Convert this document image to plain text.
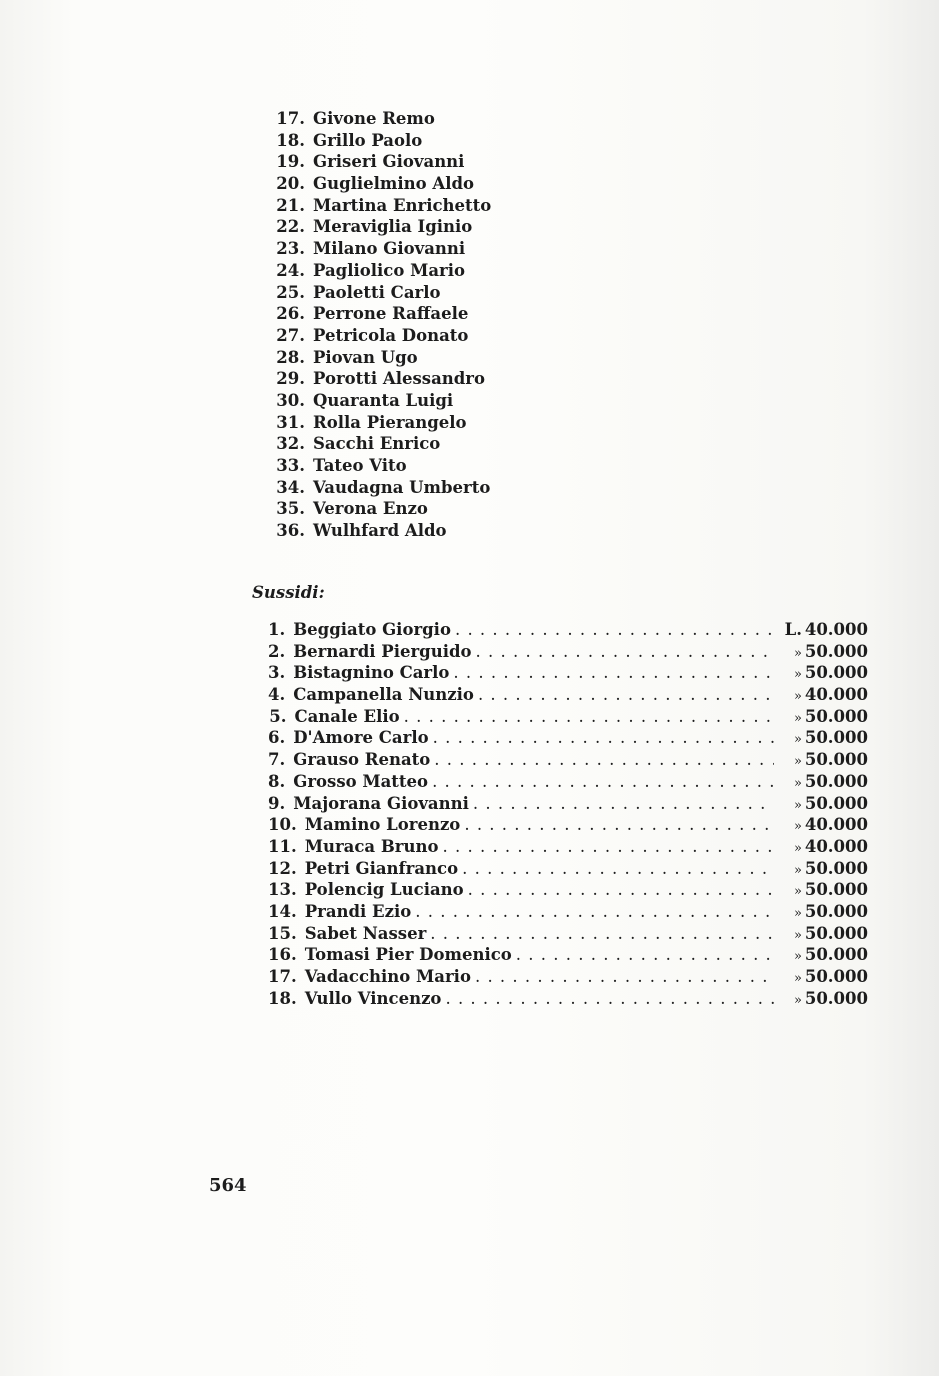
17. Givone Remo
18. Grillo Paolo
19. Griseri Giovanni
20. Guglielmino Aldo
21. Martina Enrichetto
22. Meraviglia Iginio
23. Milano Giovanni
24. Pagliolico Mario
25. Paoletti Carlo
26. Perrone Raffaele
27. Petricola Donato
28. Piovan Ugo
29. Porotti Alessandro
30. Quaranta Luigi
31. Rolla Pierangelo
32. Sacchi Enrico
33. Tateo Vito
34. Vaudagna Umberto
35. Verona Enzo
36. Wulhfard Aldo
Sussidi:
1. Beggiato Giorgio . . .	L. 40.000
2. Bernardi Pierguido . . .	» 50.000
3. Bistagnino Carlo . . .	» 50.000
4. Campanella Nunzio . . .	» 40.000
5. Canale Elio . . .	» 50.000
6. D'Amore Carlo . . .	» 50.000
7. Grauso Renato . . .	» 50.000
8. Grosso Matteo . . .	» 50.000
9. Majorana Giovanni . . .	» 50.000
10. Mamino Lorenzo . . .	» 40.000
11. Muraca Bruno . . .	» 40.000
12. Petri Gianfranco . . .	» 50.000
13. Polencig Luciano . . .	» 50.000
14. Prandi Ezio . . .	» 50.000
15. Sabet Nasser . . .	» 50.000
16. Tomasi Pier Domenico . . .	» 50.000
17. Vadacchino Mario . . .	» 50.000
18. Vullo Vincenzo . . .	» 50.000
564
